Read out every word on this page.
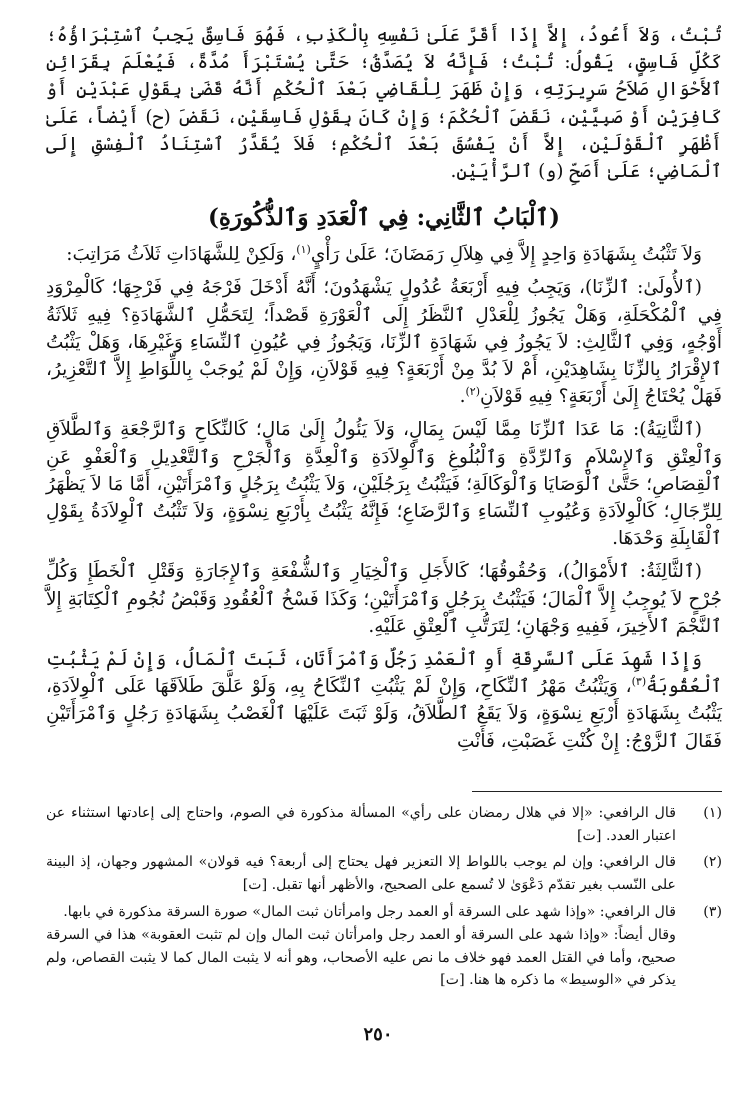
تُبْتُ، وَلاَ أَعُودُ، إِلاَّ إِذَا أَقَرَّ عَلَىٰ نَفْسِهِ بِالْكَذِبِ، فَهُوَ فَاسِقٌ يَجِبُ ٱسْتِبْرَاؤُهُ؛ كَكُلِّ فَاسِقٍ، يَقُولُ: تُبْتُ؛ فَإِنَّهُ لاَ يُصَدَّقُ؛ حَتَّىٰ يُسْتَبْرَأَ مُدَّةً، فَيُعْلَمَ بِقَرَائِنِ ٱلأَحْوَالِ صَلاَحُ سَرِيرَتِهِ، وَإِنْ ظَهَرَ لِلْقَاضِي بَعْدَ ٱلْحُكْمِ أَنَّهُ قَضَىٰ بِقَوْلِ عَبْدَيْنِ أَوْ كَافِرَيْنِ أَوْ صَبِيَّيْنِ، نَقَضَ ٱلْحُكْمَ؛ وَإِنْ كَانَ بِقَوْلِ فَاسِقَيْنِ، نَقَضَ (ح) أَيْضاً، عَلَىٰ أَظْهَرِ ٱلْقَوْلَيْنِ، إِلاَّ أَنْ يَفْسُقَ بَعْدَ ٱلْحُكْمِ؛ فَلاَ يُقَدَّرُ ٱسْتِنَادُ ٱلْفِسْقِ إِلَى ٱلْمَاضِي؛ عَلَىٰ أَصَحِّ (و) ٱلرَّأْيَيْنِ.

(ٱلْبَابُ ٱلثَّانِي: فِي ٱلْعَدَدِ وَٱلذُّكُورَةِ)

وَلاَ تَثْبُتُ بِشَهَادَةِ وَاحِدٍ إِلاَّ فِي هِلاَلِ رَمَضَانَ؛ عَلَىٰ رَأْيٍ$^{(١)}$، وَلَكِنْ لِلشَّهَادَاتِ ثَلاَثُ مَرَاتِبَ:

(ٱلأُولَىٰ: ٱلزِّنَا)، وَيَجِبُ فِيهِ أَرْبَعَةُ عُدُولٍ يَشْهَدُونَ؛ أَنَّهُ أَدْخَلَ فَرْجَهُ فِي فَرْجِهَا؛ كَالْمِرْوَدِ فِي ٱلْمُكْحَلَةِ، وَهَلْ يَجُوزُ لِلْعَدْلِ ٱلنَّظَرُ إِلَى ٱلْعَوْرَةِ قَصْداً؛ لِتَحَمُّلِ ٱلشَّهَادَةِ؟ فِيهِ ثَلاَثَةُ أَوْجُهٍ، وَفِي ٱلثَّالِثِ: لاَ يَجُوزُ فِي شَهَادَةِ ٱلزِّنَا، وَيَجُوزُ فِي عُيُونِ ٱلنِّسَاءِ وَغَيْرِهَا، وَهَلْ يَثْبُتُ ٱلإِقْرَارُ بِالزِّنَا بِشَاهِدَيْنِ، أَمْ لاَ بُدَّ مِنْ أَرْبَعَةٍ؟ فِيهِ قَوْلاَنِ، وَإِنْ لَمْ يُوجَبْ بِاللِّوَاطِ إِلاَّ ٱلتَّعْزِيرُ، فَهَلْ يُحْتَاجُ إِلَىٰ أَرْبَعَةٍ؟ فِيهِ قَوْلاَنِ$^{(٢)}$.

(ٱلثَّانِيَةُ): مَا عَدَا ٱلزِّنَا مِمَّا لَيْسَ بِمَالٍ، وَلاَ يَئُولُ إِلَىٰ مَالٍ؛ كَالنِّكَاحِ وَٱلرَّجْعَةِ وَٱلطَّلاَقِ وَٱلْعِتْقِ وَٱلإِسْلاَمِ وَٱلرِّدَّةِ وَٱلْبُلُوغِ وَٱلْوِلاَدَةِ وَٱلْعِدَّةِ وَٱلْجَرْحِ وَٱلتَّعْدِيلِ وَٱلْعَفْوِ عَنِ ٱلْقِصَاصِ؛ حَتَّىٰ ٱلْوَصَايَا وَٱلْوَكَالَةِ؛ فَيَثْبُتُ بِرَجُلَيْنِ، وَلاَ يَثْبُتُ بِرَجُلٍ وَٱمْرَأَتَيْنِ، أَمَّا مَا لاَ يَظْهَرُ لِلرِّجَالِ؛ كَالْوِلاَدَةِ وَعُيُوبِ ٱلنِّسَاءِ وَٱلرَّضَاعِ؛ فَإِنَّهُ يَثْبُتُ بِأَرْبَعِ نِسْوَةٍ، وَلاَ تَثْبُتُ ٱلْوِلاَدَةُ بِقَوْلِ ٱلْقَابِلَةِ وَحْدَهَا.

(ٱلثَّالِثَةُ: ٱلأَمْوَالُ)، وَحُقُوقُهَا؛ كَالأَجَلِ وَٱلْخِيَارِ وَٱلشُّفْعَةِ وَٱلإِجَارَةِ وَقَتْلِ ٱلْخَطَإِ وَكُلِّ جُرْحٍ لاَ يُوجِبُ إِلاَّ ٱلْمَالَ؛ فَيَثْبُتُ بِرَجُلٍ وَٱمْرَأَتَيْنِ؛ وَكَذَا فَسْخُ ٱلْعُقُودِ وَقَبْضُ نُجُومِ ٱلْكِتَابَةِ إِلاَّ ٱلنَّجْمَ ٱلأَخِيرَ، فَفِيهِ وَجْهَانِ؛ لِتَرَتُّبِ ٱلْعِتْقِ عَلَيْهِ.

وَإِذَا شَهِدَ عَلَى ٱلسَّرِقَةِ أَوِ ٱلْعَمْدِ رَجُلٌ وَٱمْرَأَتَانِ، ثَبَتَ ٱلْمَالُ، وَإِنْ لَمْ يَثْبُتِ ٱلْعُقُوبَةُ$^{(٣)}$، وَيَثْبُتُ مَهْرُ ٱلنِّكَاحِ، وَإِنْ لَمْ يَثْبُتِ ٱلنِّكَاحُ بِهِ، وَلَوْ عَلَّقَ طَلاَقَهَا عَلَى ٱلْوِلاَدَةِ، يَثْبُتُ بِشَهَادَةِ أَرْبَعِ نِسْوَةٍ، وَلاَ يَقَعُ ٱلطَّلاَقُ، وَلَوْ ثَبَتَ عَلَيْهَا ٱلْغَصْبُ بِشَهَادَةِ رَجُلٍ وَٱمْرَأَتَيْنِ فَقَالَ ٱلزَّوْجُ: إِنْ كُنْتِ غَصَبْتِ، فَأَنْتِ

(١)

قال الرافعي: «إلا في هلال رمضان على رأي» المسألة مذكورة في الصوم، واحتاج إلى إعادتها استثناء عن اعتبار العدد. [ت]

(٢)

قال الرافعي: وإن لم يوجب باللواط إلا التعزير فهل يحتاج إلى أربعة؟ فيه قولان» المشهور وجهان، إذ البينة على النّسب بغير تقدّم دَعْوَىٰ لا تُسمع على الصحيح، والأظهر أنها تقبل. [ت]

(٣)

قال الرافعي: «وإذا شهد على السرقة أو العمد رجل وامرأتان ثبت المال» صورة السرقة مذكورة في بابها.

وقال أيضاً: «وإذا شهد على السرقة أو العمد رجل وامرأتان ثبت المال وإن لم تثبت العقوبة» هذا في السرقة صحيح، وأما في القتل العمد فهو خلاف ما نص عليه الأصحاب، وهو أنه لا يثبت المال كما لا يثبت القصاص، ولم يذكر في «الوسيط» ما ذكره ها هنا. [ت]

٢٥٠
